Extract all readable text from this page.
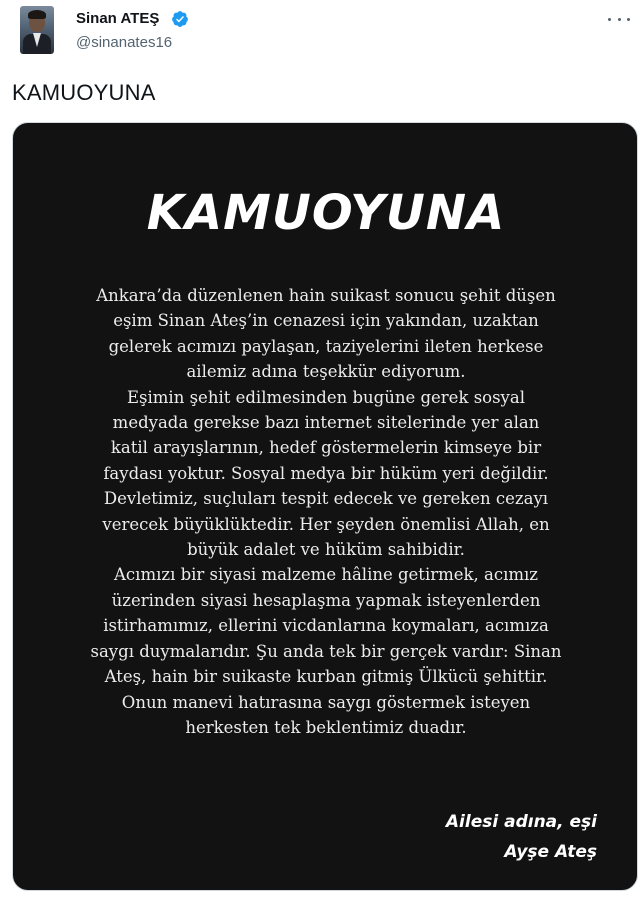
Sinan ATEŞ
@sinanates16
KAMUOYUNA
KAMUOYUNA
Ankara’da düzenlenen hain suikast sonucu şehit düşen
eşim Sinan Ateş’in cenazesi için yakından, uzaktan
gelerek acımızı paylaşan, taziyelerini ileten herkese
ailemiz adına teşekkür ediyorum.
Eşimin şehit edilmesinden bugüne gerek sosyal
medyada gerekse bazı internet sitelerinde yer alan
katil arayışlarının, hedef göstermelerin kimseye bir
faydası yoktur. Sosyal medya bir hüküm yeri değildir.
Devletimiz, suçluları tespit edecek ve gereken cezayı
verecek büyüklüktedir. Her şeyden önemlisi Allah, en
büyük adalet ve hüküm sahibidir.
Acımızı bir siyasi malzeme hâline getirmek, acımız
üzerinden siyasi hesaplaşma yapmak isteyenlerden
istirhamımız, ellerini vicdanlarına koymaları, acımıza
saygı duymalarıdır. Şu anda tek bir gerçek vardır: Sinan
Ateş, hain bir suikaste kurban gitmiş Ülkücü şehittir.
Onun manevi hatırasına saygı göstermek isteyen
herkesten tek beklentimiz duadır.
Ailesi adına, eşi
Ayşe Ateş
